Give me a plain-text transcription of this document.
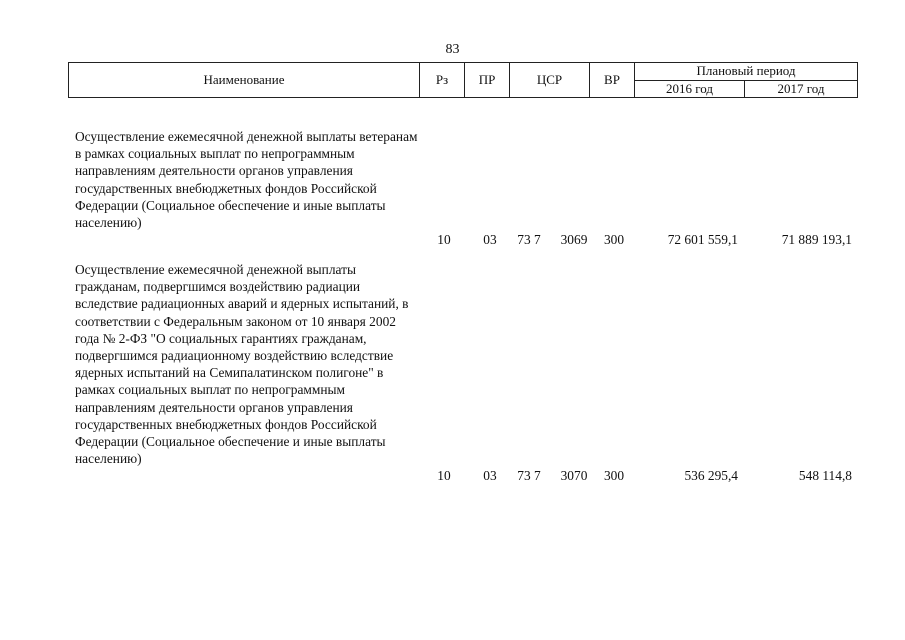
83
Наименование	Рз	ПР	ЦСР	ВР	Плановый период	
					2016 год	2017 год
Осуществление ежемесячной денежной выплаты ветеранам в рамках социальных выплат по непрограммным направлениям деятельности органов управления государственных внебюджетных фондов Российской Федерации (Социальное обеспечение и иные выплаты населению)
10	03	73 7	3069	300	72 601 559,1	71 889 193,1
Осуществление ежемесячной денежной выплаты гражданам, подвергшимся воздействию радиации вследствие радиационных аварий и ядерных испытаний, в соответствии с Федеральным законом от 10 января 2002 года № 2-ФЗ "О социальных гарантиях гражданам, подвергшимся радиационному воздействию вследствие ядерных испытаний на Семипалатинском полигоне" в рамках социальных выплат по непрограммным направлениям деятельности органов управления государственных внебюджетных фондов Российской Федерации (Социальное обеспечение и иные выплаты населению)
10	03	73 7	3070	300	536 295,4	548 114,8
